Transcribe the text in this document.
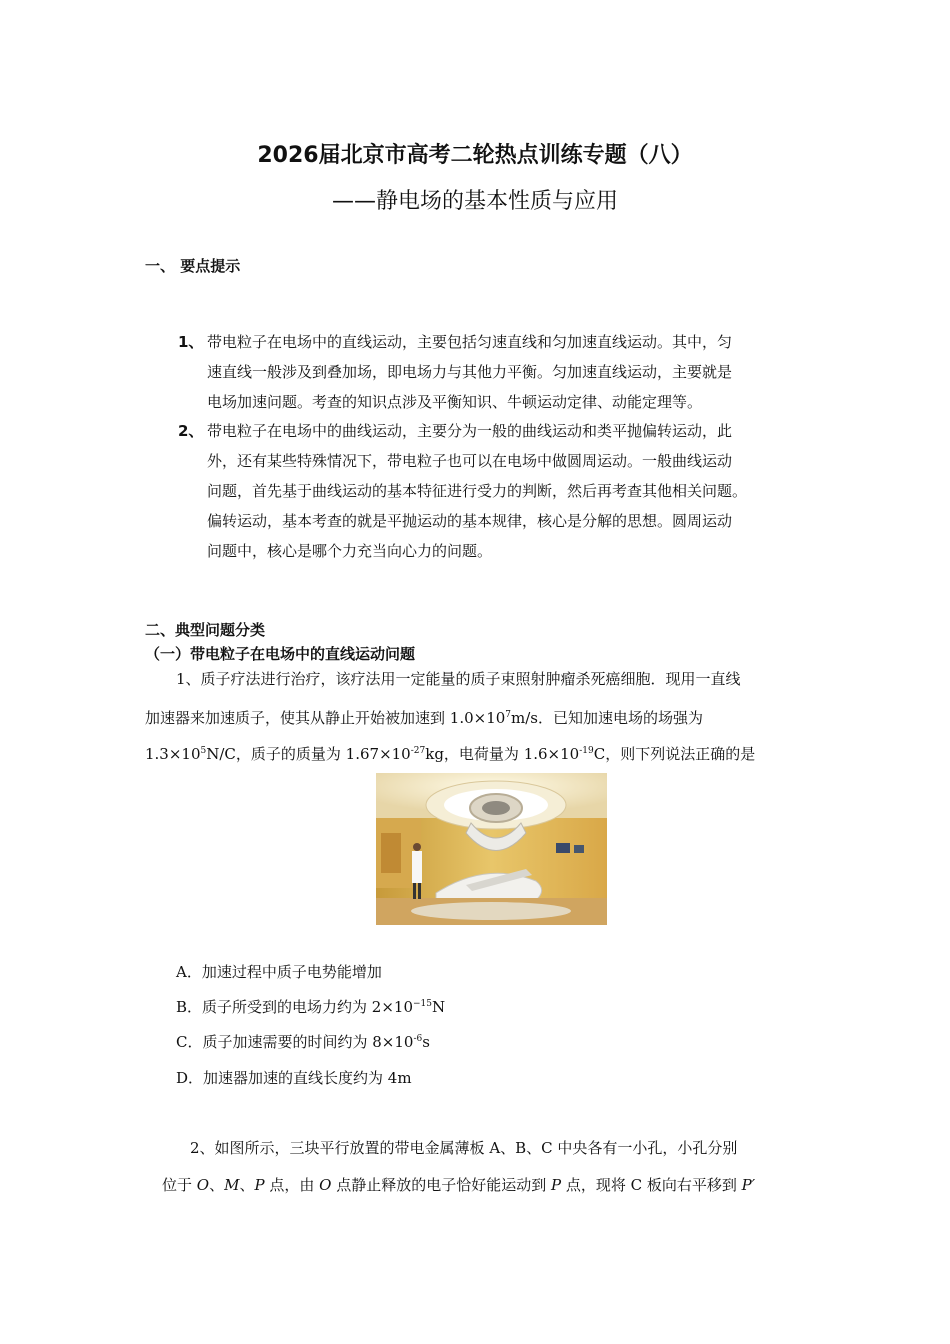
2026届北京市高考二轮热点训练专题（八）
——静电场的基本性质与应用
一、 要点提示
1、 带电粒子在电场中的直线运动，主要包括匀速直线和匀加速直线运动。其中，匀
速直线一般涉及到叠加场，即电场力与其他力平衡。匀加速直线运动，主要就是
电场加速问题。考查的知识点涉及平衡知识、牛顿运动定律、动能定理等。
2、 带电粒子在电场中的曲线运动，主要分为一般的曲线运动和类平抛偏转运动，此
外，还有某些特殊情况下，带电粒子也可以在电场中做圆周运动。一般曲线运动
问题，首先基于曲线运动的基本特征进行受力的判断，然后再考查其他相关问题。
偏转运动，基本考查的就是平抛运动的基本规律，核心是分解的思想。圆周运动
问题中，核心是哪个力充当向心力的问题。
二、典型问题分类
（一）带电粒子在电场中的直线运动问题
1、质子疗法进行治疗，该疗法用一定能量的质子束照射肿瘤杀死癌细胞．现用一直线
加速器来加速质子，使其从静止开始被加速到 $1.0\times 10^7m/s$．已知加速电场的场强为
$1.3\times 10^5N/C$，质子的质量为 $1.67\times 10^{-27}kg$，电荷量为 $1.6\times 10^{-19}C$，则下列说法正确的是
A．加速过程中质子电势能增加
B．质子所受到的电场力约为 $2\times 10^{-15}N$
C．质子加速需要的时间约为 $8\times 10^{-6}s$
D．加速器加速的直线长度约为 4m
2、如图所示，三块平行放置的带电金属薄板 A、B、C 中央各有一小孔，小孔分别
位于 O、M、P 点，由 O 点静止释放的电子恰好能运动到 P 点，现将 C 板向右平移到 P′
